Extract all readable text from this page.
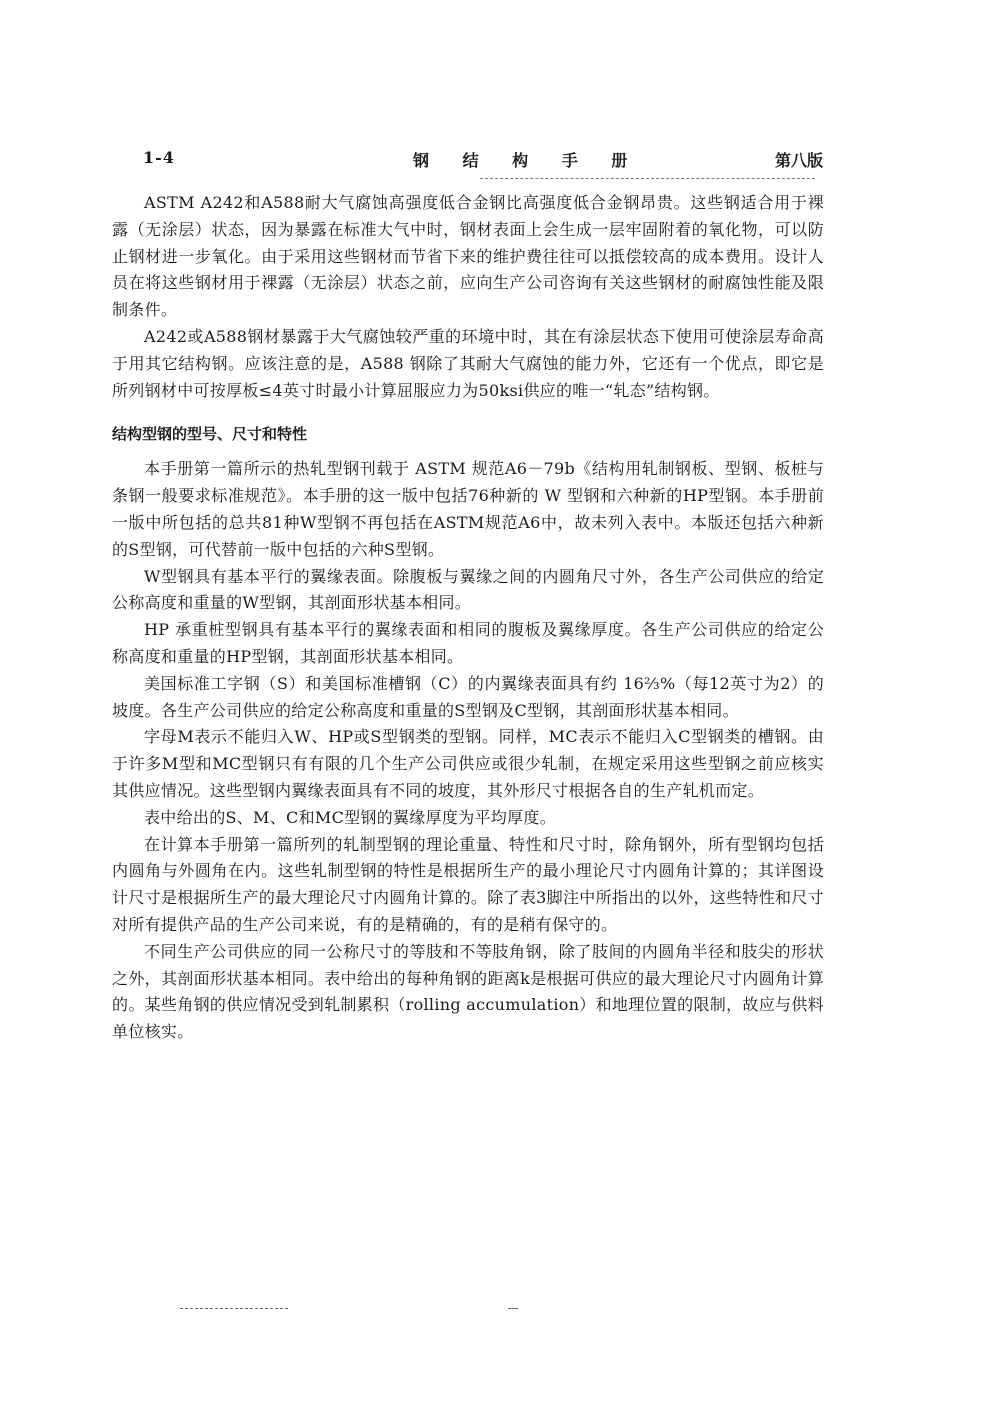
1-4	钢 结 构 手 册	第八版

ASTM A242和A588耐大气腐蚀高强度低合金钢比高强度低合金钢昂贵。这些钢适合用于裸露（无涂层）状态，因为暴露在标准大气中时，钢材表面上会生成一层牢固附着的氧化物，可以防止钢材进一步氧化。由于采用这些钢材而节省下来的维护费往往可以抵偿较高的成本费用。设计人员在将这些钢材用于裸露（无涂层）状态之前，应向生产公司咨询有关这些钢材的耐腐蚀性能及限制条件。

A242或A588钢材暴露于大气腐蚀较严重的环境中时，其在有涂层状态下使用可使涂层寿命高于用其它结构钢。应该注意的是，A588 钢除了其耐大气腐蚀的能力外，它还有一个优点，即它是所列钢材中可按厚板≤4英寸时最小计算屈服应力为50ksi供应的唯一“轧态”结构钢。

结构型钢的型号、尺寸和特性

本手册第一篇所示的热轧型钢刊载于 ASTM 规范A6－79b《结构用轧制钢板、型钢、板桩与条钢一般要求标准规范》。本手册的这一版中包括76种新的 W 型钢和六种新的HP型钢。本手册前一版中所包括的总共81种W型钢不再包括在ASTM规范A6中，故未列入表中。本版还包括六种新的S型钢，可代替前一版中包括的六种S型钢。

W型钢具有基本平行的翼缘表面。除腹板与翼缘之间的内圆角尺寸外，各生产公司供应的给定公称高度和重量的W型钢，其剖面形状基本相同。

HP 承重桩型钢具有基本平行的翼缘表面和相同的腹板及翼缘厚度。各生产公司供应的给定公称高度和重量的HP型钢，其剖面形状基本相同。

美国标准工字钢（S）和美国标准槽钢（C）的内翼缘表面具有约 16⅔%（每12英寸为2）的坡度。各生产公司供应的给定公称高度和重量的S型钢及C型钢，其剖面形状基本相同。

字母M表示不能归入W、HP或S型钢类的型钢。同样，MC表示不能归入C型钢类的槽钢。由于许多M型和MC型钢只有有限的几个生产公司供应或很少轧制，在规定采用这些型钢之前应核实其供应情况。这些型钢内翼缘表面具有不同的坡度，其外形尺寸根据各自的生产轧机而定。

表中给出的S、M、C和MC型钢的翼缘厚度为平均厚度。

在计算本手册第一篇所列的轧制型钢的理论重量、特性和尺寸时，除角钢外，所有型钢均包括内圆角与外圆角在内。这些轧制型钢的特性是根据所生产的最小理论尺寸内圆角计算的；其详图设计尺寸是根据所生产的最大理论尺寸内圆角计算的。除了表3脚注中所指出的以外，这些特性和尺寸对所有提供产品的生产公司来说，有的是精确的，有的是稍有保守的。

不同生产公司供应的同一公称尺寸的等肢和不等肢角钢，除了肢间的内圆角半径和肢尖的形状之外，其剖面形状基本相同。表中给出的每种角钢的距离k是根据可供应的最大理论尺寸内圆角计算的。某些角钢的供应情况受到轧制累积（rolling accumulation）和地理位置的限制，故应与供料单位核实。
